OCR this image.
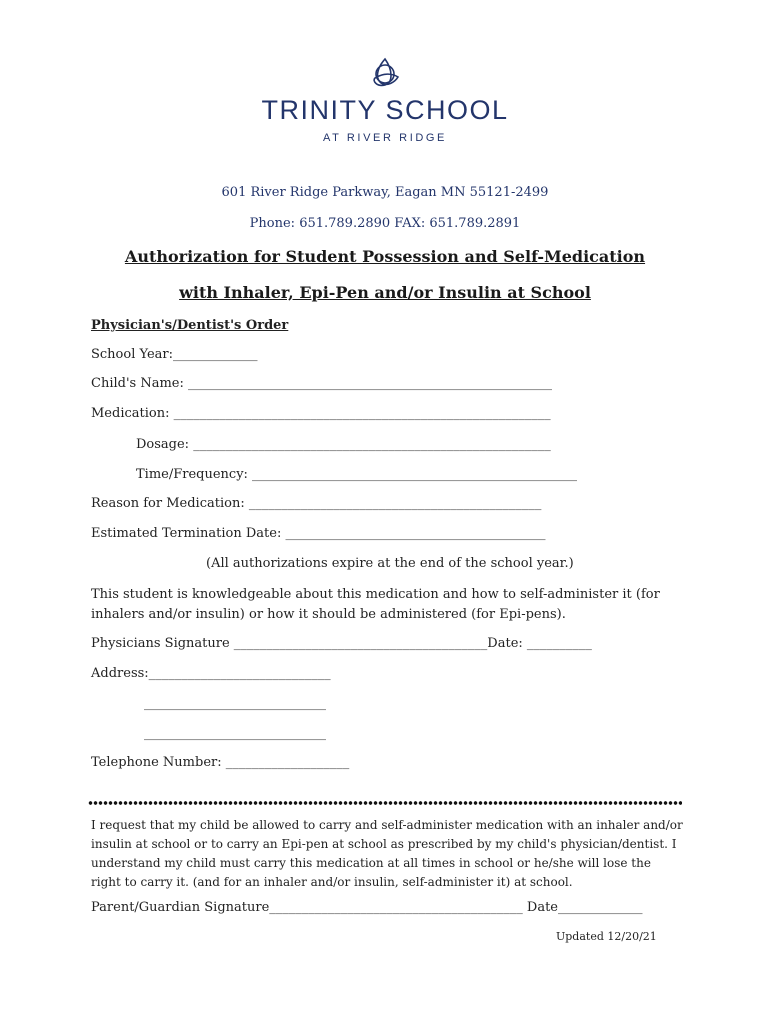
TRINITY SCHOOL
AT RIVER RIDGE
601 River Ridge Parkway, Eagan MN 55121-2499
Phone: 651.789.2890 FAX: 651.789.2891
Authorization for Student Possession and Self-Medication
with Inhaler, Epi-Pen and/or Insulin at School
Physician's/Dentist's Order
School Year:_____________
Child's Name: ________________________________________________________
Medication: __________________________________________________________
Dosage: _______________________________________________________
Time/Frequency: __________________________________________________
Reason for Medication: _____________________________________________
Estimated Termination Date: ________________________________________
(All authorizations expire at the end of the school year.)
This student is knowledgeable about this medication and how to self-administer it (for inhalers and/or insulin) or how it should be administered (for Epi-pens).
Physicians Signature _______________________________________Date: __________
Address:____________________________
____________________________
____________________________
Telephone Number: ___________________
I request that my child be allowed to carry and self-administer medication with an inhaler and/or insulin at school or to carry an Epi-pen at school as prescribed by my child's physician/dentist. I understand my child must carry this medication at all times in school or he/she will lose the right to carry it. (and for an inhaler and/or insulin, self-administer it) at school.
Parent/Guardian Signature_______________________________________ Date_____________
Updated 12/20/21
